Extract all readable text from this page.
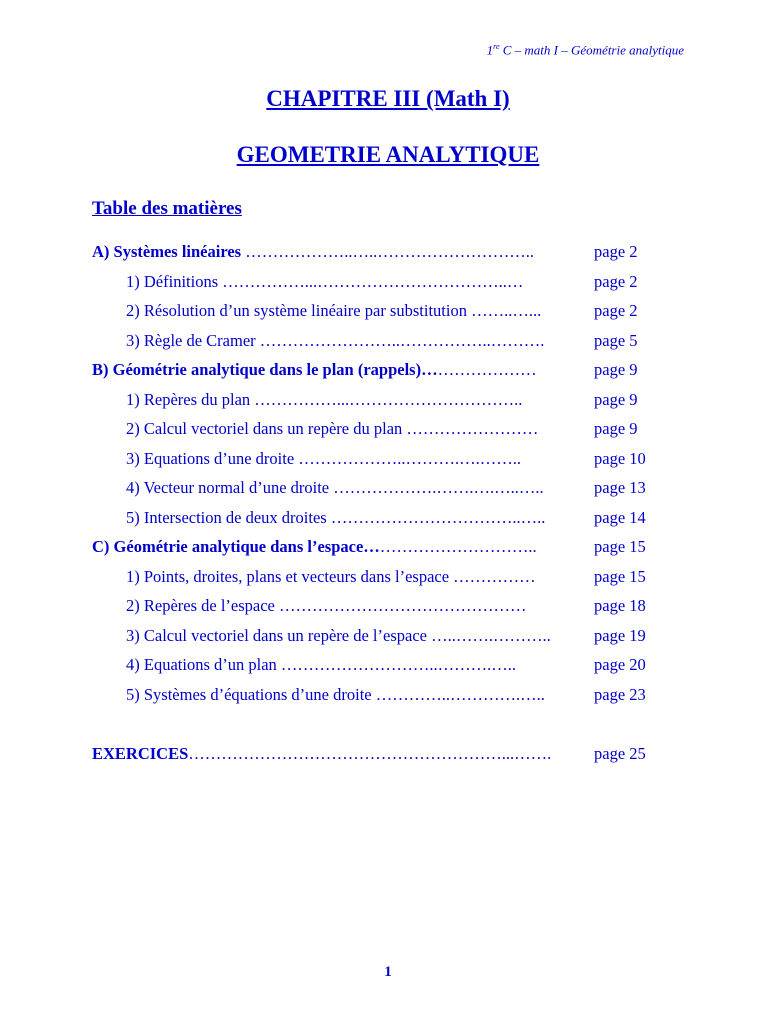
1re C – math I – Géométrie analytique
CHAPITRE III (Math I)
GEOMETRIE ANALYTIQUE
Table des matières
A) Systèmes linéaires ………………..…..………………………..	page 2
1) Définitions ……………...……………………………..…	page 2
2) Résolution d’un système linéaire par substitution ……..…...	page 2
3) Règle de Cramer ……………………..……………..……….	page 5
B) Géométrie analytique dans le plan (rappels)…………………	page 9
1) Repères du plan ……………...…………………………..	page 9
2) Calcul vectoriel dans un repère du plan ……………………	page 9
3) Equations d’une droite ………………..……….….……..	page 10
4) Vecteur normal d’une droite ……………….…….….…..…..	page 13
5) Intersection de deux droites ……………………………..…..	page 14
C) Géométrie analytique dans l’espace…………………………..	page 15
1) Points, droites, plans et vecteurs dans l’espace ……………	page 15
2) Repères de l’espace ………………………………………	page 18
3) Calcul vectoriel dans un repère de l’espace …..…….………..	page 19
4) Equations d’un plan ………………………..……….…..	page 20
5) Systèmes d’équations d’une droite …………..………….…..	page 23
EXERCICES…………………………………………………...…….	page 25
1
